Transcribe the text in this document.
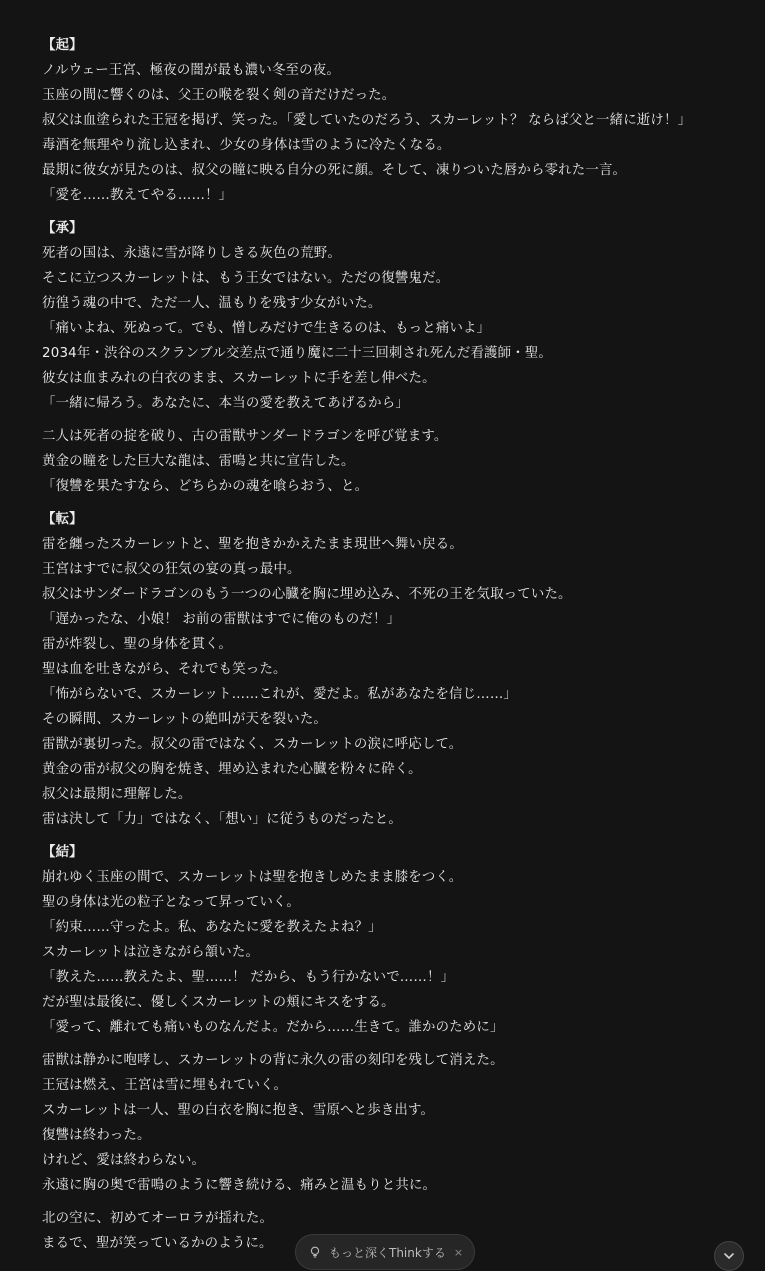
【起】
ノルウェー王宮、極夜の闇が最も濃い冬至の夜。
玉座の間に響くのは、父王の喉を裂く剣の音だけだった。
叔父は血塗られた王冠を掲げ、笑った。「愛していたのだろう、スカーレット？ ならば父と一緒に逝け！」
毒酒を無理やり流し込まれ、少女の身体は雪のように冷たくなる。
最期に彼女が見たのは、叔父の瞳に映る自分の死に顔。そして、凍りついた唇から零れた一言。
「愛を……教えてやる……！」
【承】
死者の国は、永遠に雪が降りしきる灰色の荒野。
そこに立つスカーレットは、もう王女ではない。ただの復讐鬼だ。
彷徨う魂の中で、ただ一人、温もりを残す少女がいた。
「痛いよね、死ぬって。でも、憎しみだけで生きるのは、もっと痛いよ」
2034年・渋谷のスクランブル交差点で通り魔に二十三回刺され死んだ看護師・聖。
彼女は血まみれの白衣のまま、スカーレットに手を差し伸べた。
「一緒に帰ろう。あなたに、本当の愛を教えてあげるから」
二人は死者の掟を破り、古の雷獣サンダードラゴンを呼び覚ます。
黄金の瞳をした巨大な龍は、雷鳴と共に宣告した。
「復讐を果たすなら、どちらかの魂を喰らおう、と。
【転】
雷を纏ったスカーレットと、聖を抱きかかえたまま現世へ舞い戻る。
王宮はすでに叔父の狂気の宴の真っ最中。
叔父はサンダードラゴンのもう一つの心臓を胸に埋め込み、不死の王を気取っていた。
「遅かったな、小娘！ お前の雷獣はすでに俺のものだ！」
雷が炸裂し、聖の身体を貫く。
聖は血を吐きながら、それでも笑った。
「怖がらないで、スカーレット……これが、愛だよ。私があなたを信じ……」
その瞬間、スカーレットの絶叫が天を裂いた。
雷獣が裏切った。叔父の雷ではなく、スカーレットの涙に呼応して。
黄金の雷が叔父の胸を焼き、埋め込まれた心臓を粉々に砕く。
叔父は最期に理解した。
雷は決して「力」ではなく、「想い」に従うものだったと。
【結】
崩れゆく玉座の間で、スカーレットは聖を抱きしめたまま膝をつく。
聖の身体は光の粒子となって昇っていく。
「約束……守ったよ。私、あなたに愛を教えたよね？」
スカーレットは泣きながら頷いた。
「教えた……教えたよ、聖……！ だから、もう行かないで……！」
だが聖は最後に、優しくスカーレットの頬にキスをする。
「愛って、離れても痛いものなんだよ。だから……生きて。誰かのために」
雷獣は静かに咆哮し、スカーレットの背に永久の雷の刻印を残して消えた。
王冠は燃え、王宮は雪に埋もれていく。
スカーレットは一人、聖の白衣を胸に抱き、雪原へと歩き出す。
復讐は終わった。
けれど、愛は終わらない。
永遠に胸の奥で雷鳴のように響き続ける、痛みと温もりと共に。
北の空に、初めてオーロラが揺れた。
まるで、聖が笑っているかのように。
もっと深くThinkする ×
